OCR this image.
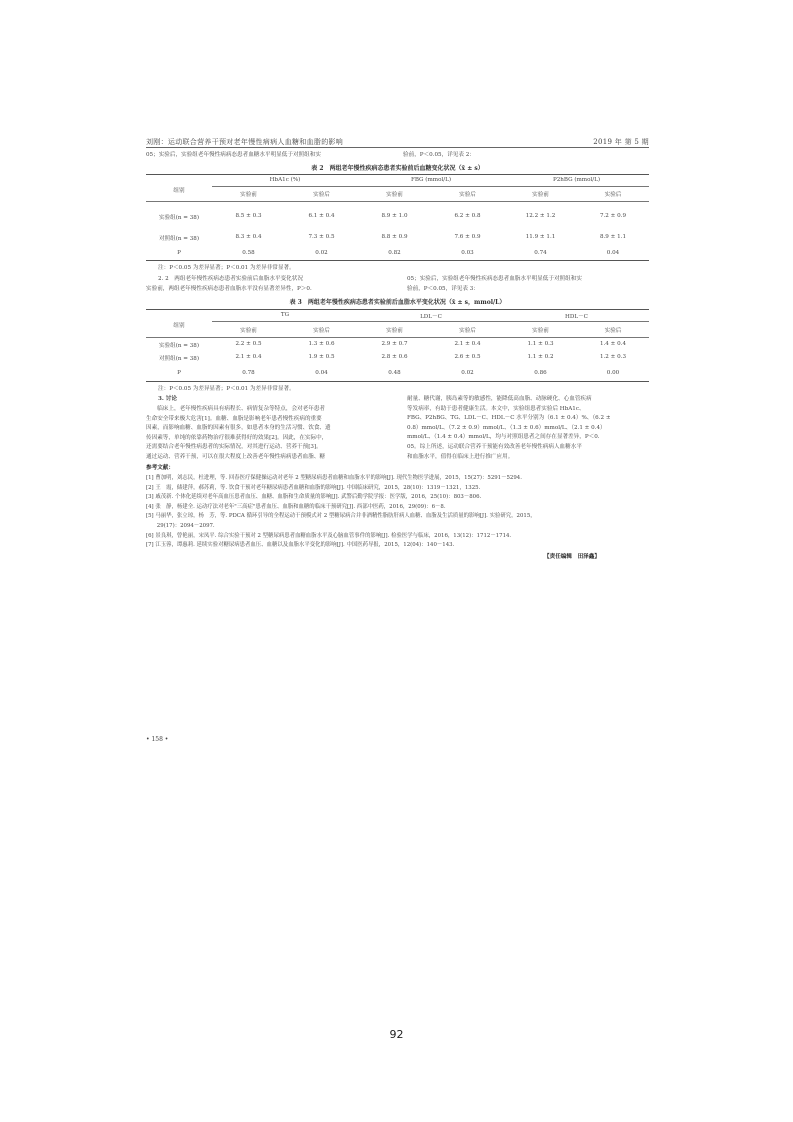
刘刚：运动联合营养干预对老年慢性病病人血糖和血脂的影响	2019 年 第 5 期
05；实验后，实验组老年慢性病病态患者血糖水平明显低于对照组和实	验前，P＜0.05，详见表 2：
表 2　两组老年慢性疾病态患者实验前后血糖变化状况（x̄ ± s）
组别
HbA1c (%)	FBG (mmol/L)	P2hBG (mmol/L)
实验前	实验后	实验前	实验后	实验前	实验后
实验组(n = 38)	8.5 ± 0.3	6.1 ± 0.4	8.9 ± 1.0	6.2 ± 0.8	12.2 ± 1.2	7.2 ± 0.9
对照组(n = 38)	8.3 ± 0.4	7.3 ± 0.5	8.8 ± 0.9	7.6 ± 0.9	11.9 ± 1.1	8.9 ± 1.1
P	0.58	0.02	0.82	0.03	0.74	0.04
注：P＜0.05 为差异显著；P＜0.01 为差异非常显著。
2. 2　两组老年慢性疾病态患者实验前后血脂水平变化状况
实验前，两组老年慢性疾病态患者血脂水平没有显著差异性，P＞0.
05；实验后，实验组老年慢性疾病态患者血脂水平明显低于对照组和实
验前，P＜0.05，详见表 3：
表 3　两组老年慢性疾病态患者实验前后血脂水平变化状况（x̄ ± s，mmol/L）
组别
TG	LDL－C	HDL－C
实验前	实验后	实验前	实验后	实验前	实验后
实验组(n = 38)	2.2 ± 0.5	1.3 ± 0.6	2.9 ± 0.7	2.1 ± 0.4	1.1 ± 0.3	1.4 ± 0.4
对照组(n = 38)	2.1 ± 0.4	1.9 ± 0.5	2.8 ± 0.6	2.6 ± 0.5	1.1 ± 0.2	1.2 ± 0.3
P	0.78	0.04	0.48	0.02	0.86	0.00
注：P＜0.05 为差异显著；P＜0.01 为差异非常显著。
3. 讨论
　　临床上，老年慢性疾病具有病程长、病情复杂等特点，会对老年患者
生命安全带来极大危害[1]。血糖、血脂是影响老年患者慢性疾病的重要
因素，而影响血糖、血脂的因素有很多，如患者本身的生活习惯、饮食、遗
传因素等，单纯的依靠药物治疗很难获得好的效果[2]。因此，在实际中，
还需要结合老年慢性病患者的实际情况，对其进行运动、营养干预[3]。
通过运动、营养干预，可以在很大程度上改善老年慢性病病患者血脂、糖
耐量、糖代谢，胰岛素等的敏感性，能降低高血脂、动脉硬化、心血管疾病
等发病率，有助于患者健康生活。本文中，实验组患者实验后 HbA1c、
FBG、P2hBG、TG、LDL－C、HDL－C 水平分别为（6.1 ± 0.4）%、（6.2 ±
0.8）mmol/L、（7.2 ± 0.9）mmol/L、（1.3 ± 0.6）mmol/L、（2.1 ± 0.4）
mmol/L、（1.4 ± 0.4）mmol/L，均与对照组患者之间存在显著差异，P＜0.
05。综上所述，运动联合营养干预能有效改善老年慢性病病人血糖水平
和血脂水平，值得在临床上进行推广应用。
参考文献：
[1] 曹加明，刘志民，杜进理，等. 回春医疗保健操运动对老年 2 型糖尿病患者血糖和血脂水平的影响[J]. 现代生物医学进展，2015，15(27)：5291－5294.
[2] 王　霞，储建萍，郝苏莉，等. 饮食干预对老年糖尿病患者血糖和血脂的影响[J]. 中国临床研究，2015，28(10)：1319－1321，1325.
[3] 戚茂新. 个体化延续对老年高血压患者血压、血糖、血脂和生命质量的影响[J]. 武警后勤学院学报：医学版，2016，25(10)：803－806.
[4] 张　静，杨建全. 运动疗法对老年"三高症"患者血压、血脂和血糖的临床干预研究[J]. 西部中医药，2016，29(09)：6－8.
[5] 马丽华，张立琼，杨　芳，等. PDCA 循环引导的全程运动干预模式对 2 型糖尿病合并非酒精性脂肪肝病人血糖、血脂及生活质量的影响[J]. 实验研究，2015，
　　29(17)：2094－2097.
[6] 景良琪，曾艳丽，宋凤平. 综合实验干预对 2 型糖尿病患者血糖血脂水平及心脑血管事件的影响[J]. 检验医学与临床，2016，13(12)：1712－1714.
[7] 江玉蓉，谭惠莉. 延续实验对糖尿病患者血压、血糖以及血脂水平变化的影响[J]. 中国医药导报，2015，12(04)：140－143.
【责任编辑　田泽鑫】
• 158 •
92
